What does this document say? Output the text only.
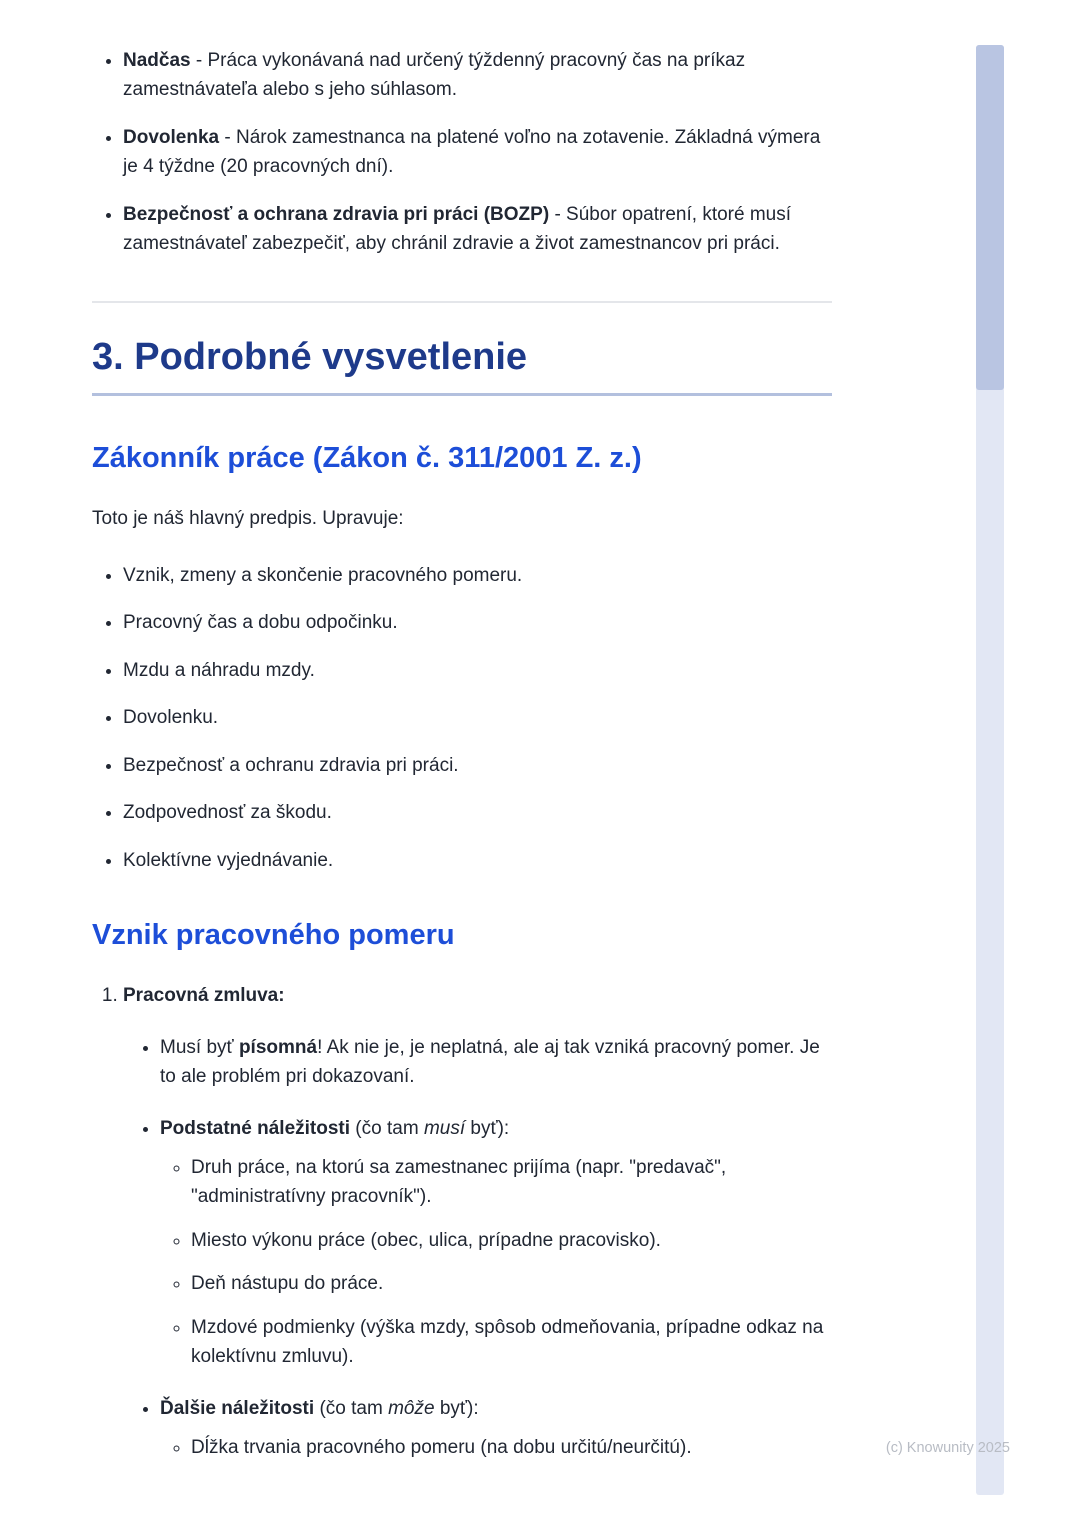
• Nadčas - Práca vykonávaná nad určený týždenný pracovný čas na príkaz zamestnávateľa alebo s jeho súhlasom.
• Dovolenka - Nárok zamestnanca na platené voľno na zotavenie. Základná výmera je 4 týždne (20 pracovných dní).
• Bezpečnosť a ochrana zdravia pri práci (BOZP) - Súbor opatrení, ktoré musí zamestnávateľ zabezpečiť, aby chránil zdravie a život zamestnancov pri práci.
3. Podrobné vysvetlenie
Zákonník práce (Zákon č. 311/2001 Z. z.)

Toto je náš hlavný predpis. Upravuje:

• Vznik, zmeny a skončenie pracovného pomeru.
• Pracovný čas a dobu odpočinku.
• Mzdu a náhradu mzdy.
• Dovolenku.
• Bezpečnosť a ochranu zdravia pri práci.
• Zodpovednosť za škodu.
• Kolektívne vyjednávanie.
Vznik pracovného pomeru
1. Pracovná zmluva:
• Musí byť písomná! Ak nie je, je neplatná, ale aj tak vzniká pracovný pomer. Je to ale problém pri dokazovaní.
• Podstatné náležitosti (čo tam musí byť):
◦ Druh práce, na ktorú sa zamestnanec prijíma (napr. "predavač", "administratívny pracovník").
◦ Miesto výkonu práce (obec, ulica, prípadne pracovisko).
◦ Deň nástupu do práce.
◦ Mzdové podmienky (výška mzdy, spôsob odmeňovania, prípadne odkaz na kolektívnu zmluvu).
• Ďalšie náležitosti (čo tam môže byť):
◦ Dĺžka trvania pracovného pomeru (na dobu určitú/neurčitú).	(c) Knowunity 2025
